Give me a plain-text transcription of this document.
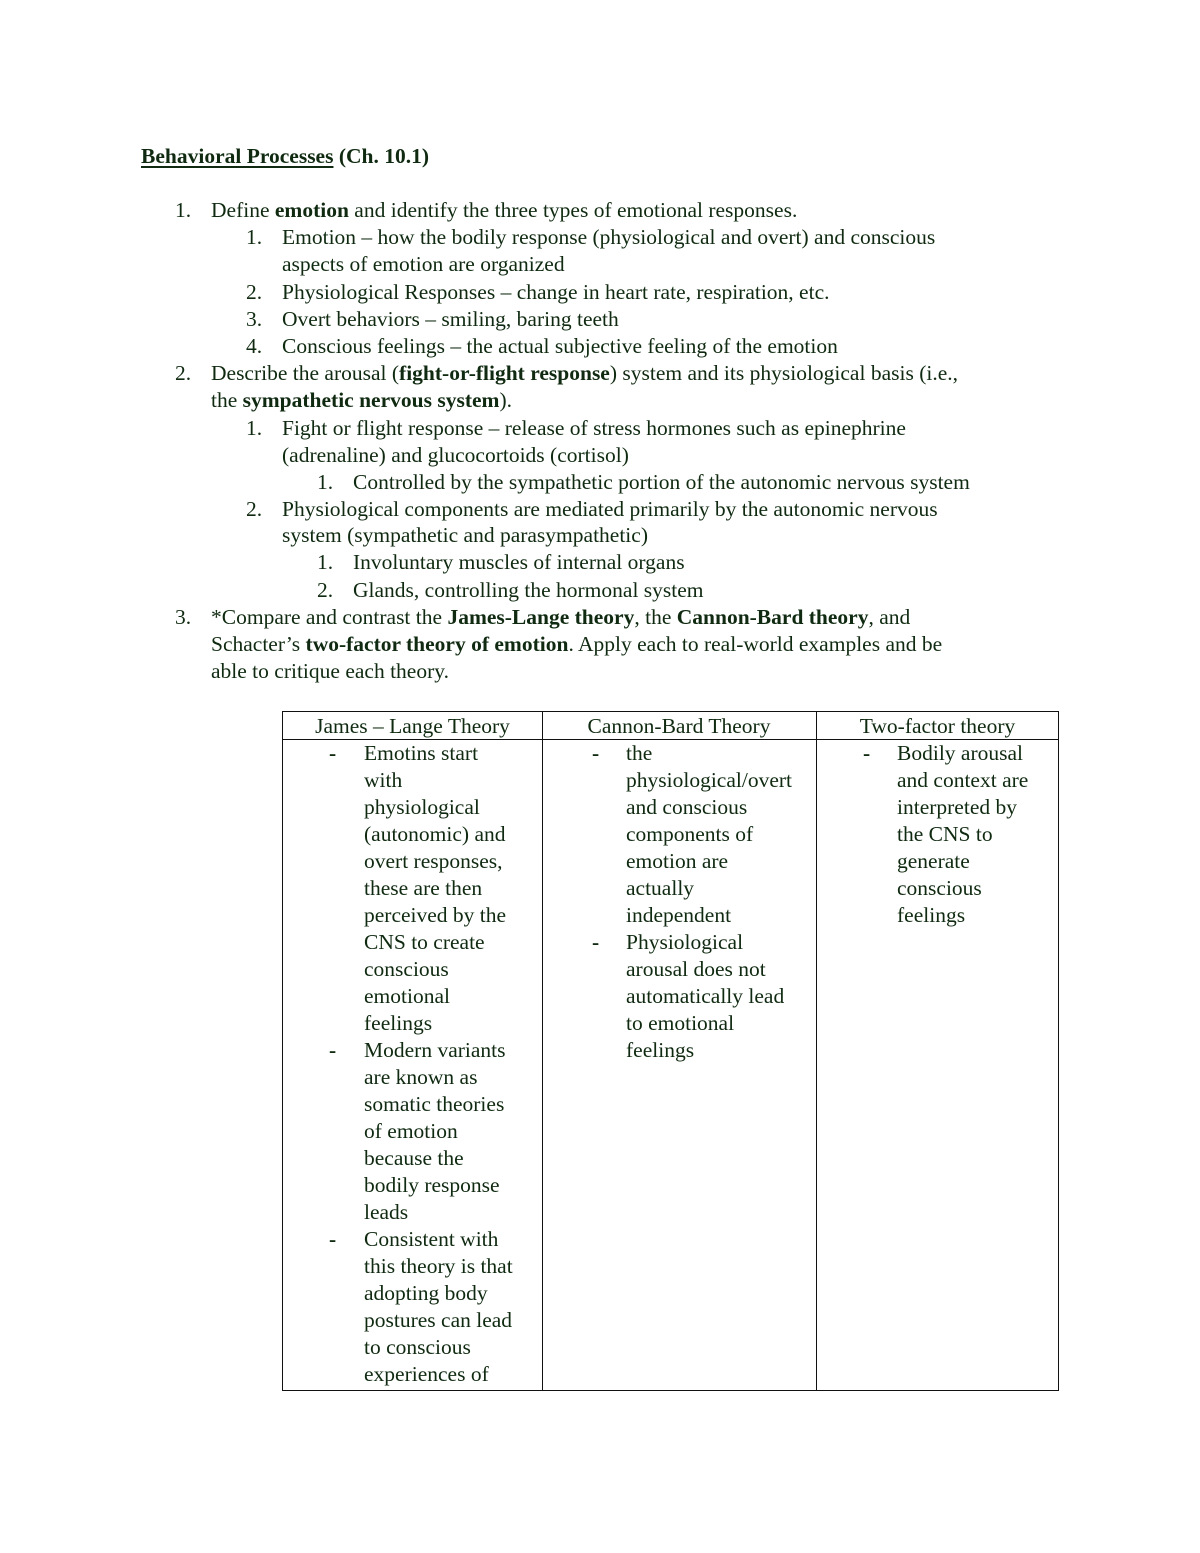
Behavioral Processes (Ch. 10.1)
1. Define emotion and identify the three types of emotional responses.
1. Emotion – how the bodily response (physiological and overt) and conscious
aspects of emotion are organized
2. Physiological Responses – change in heart rate, respiration, etc.
3. Overt behaviors – smiling, baring teeth
4. Conscious feelings – the actual subjective feeling of the emotion
2. Describe the arousal (fight-or-flight response) system and its physiological basis (i.e.,
the sympathetic nervous system).
1. Fight or flight response – release of stress hormones such as epinephrine
(adrenaline) and glucocortoids (cortisol)
1. Controlled by the sympathetic portion of the autonomic nervous system
2. Physiological components are mediated primarily by the autonomic nervous
system (sympathetic and parasympathetic)
1. Involuntary muscles of internal organs
2. Glands, controlling the hormonal system
3. *Compare and contrast the James-Lange theory, the Cannon-Bard theory, and
Schacter’s two-factor theory of emotion. Apply each to real-world examples and be
able to critique each theory.
James – Lange Theory	Cannon-Bard Theory	Two-factor theory
- Emotins start
with
physiological
(autonomic) and
overt responses,
these are then
perceived by the
CNS to create
conscious
emotional
feelings
- Modern variants
are known as
somatic theories
of emotion
because the
bodily response
leads
- Consistent with
this theory is that
adopting body
postures can lead
to conscious
experiences of
- the
physiological/overt
and conscious
components of
emotion are
actually
independent
- Physiological
arousal does not
automatically lead
to emotional
feelings
- Bodily arousal
and context are
interpreted by
the CNS to
generate
conscious
feelings
